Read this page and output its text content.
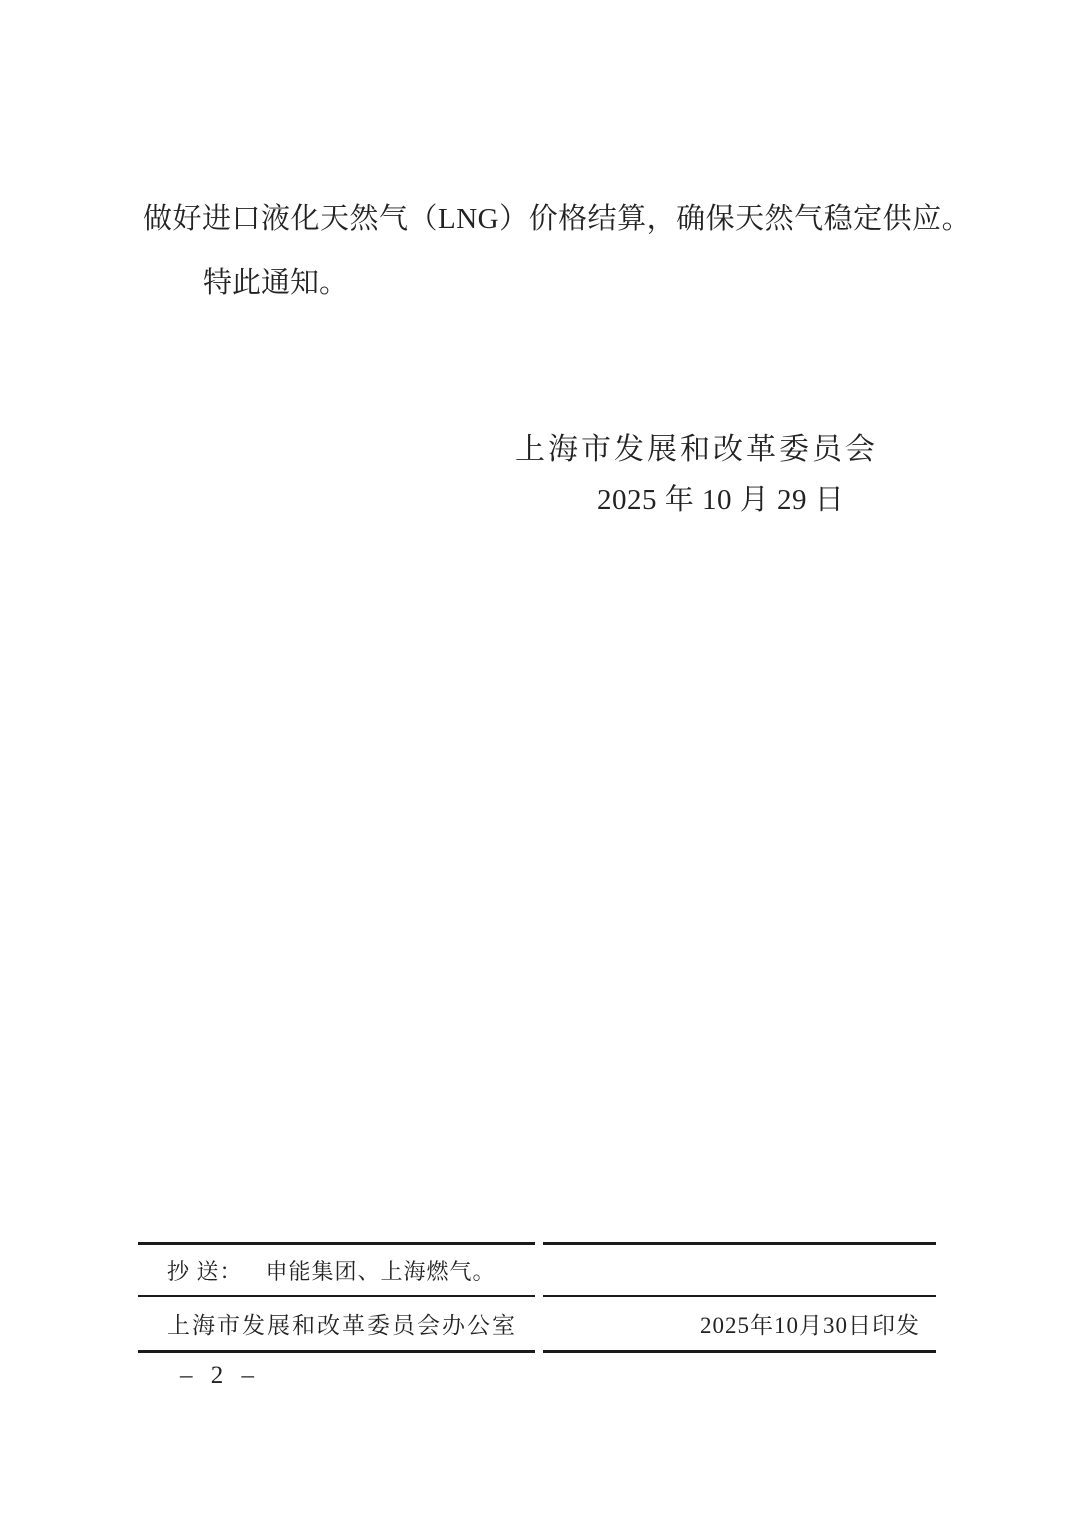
做好进口液化天然气（LNG）价格结算，确保天然气稳定供应。

特此通知。

上海市发展和改革委员会
2025 年 10 月 29 日
抄 送： 申能集团、上海燃气。
上海市发展和改革委员会办公室	2025年10月30日印发
– 2 –
